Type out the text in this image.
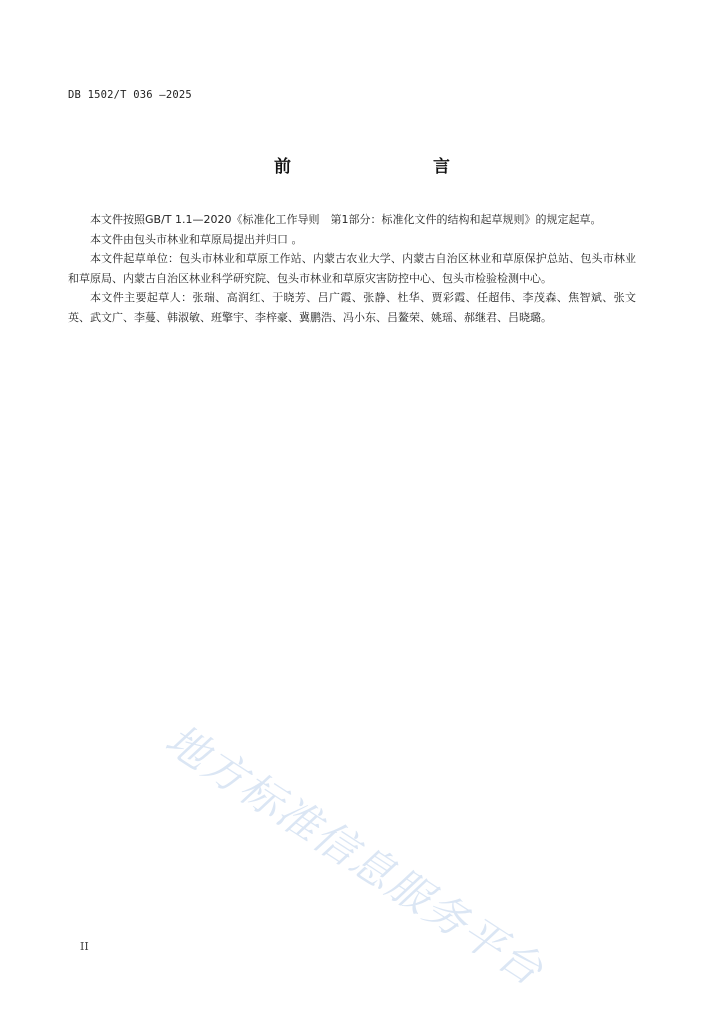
DB 1502/T 036 —2025
前　　言

本文件按照GB/T 1.1—2020《标准化工作导则　第1部分：标准化文件的结构和起草规则》的规定起草。

本文件由包头市林业和草原局提出并归口 。

本文件起草单位：包头市林业和草原工作站、内蒙古农业大学、内蒙古自治区林业和草原保护总站、包头市林业和草原局、内蒙古自治区林业科学研究院、包头市林业和草原灾害防控中心、包头市检验检测中心。

本文件主要起草人：张瑞、高润红、于晓芳、吕广霞、张静、杜华、贾彩霞、任超伟、李茂森、焦智斌、张文英、武文广、李蔓、韩淑敏、班擎宇、李梓豪、冀鹏浩、冯小东、吕鳌荣、姚瑶、郝继君、吕晓璐。

地方标准信息服务平台
II
